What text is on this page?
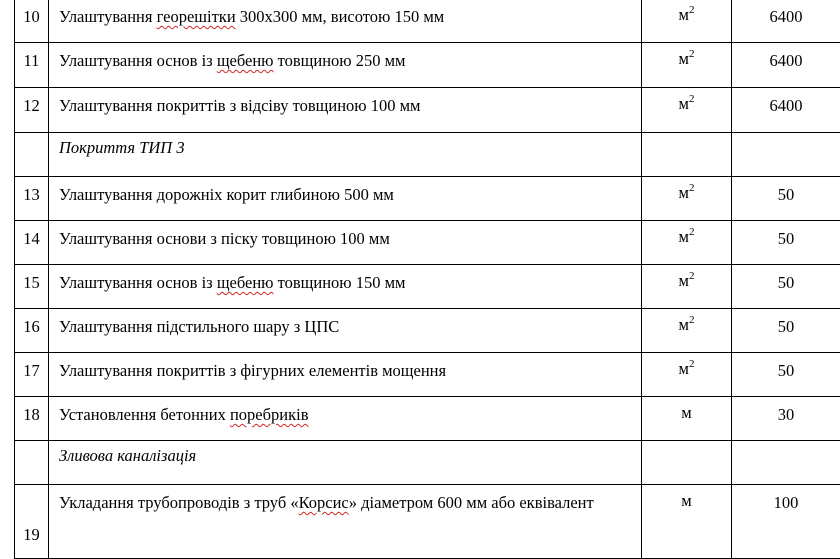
10	Улаштування георешітки 300х300 мм, висотою 150 мм	$м^2$	6400
11	Улаштування основ із щебеню товщиною 250 мм	$м^2$	6400
12	Улаштування покриттів з відсіву товщиною 100 мм	$м^2$	6400
	Покриття ТИП 3		
13	Улаштування дорожніх корит глибиною 500 мм	$м^2$	50
14	Улаштування основи з піску товщиною 100 мм	$м^2$	50
15	Улаштування основ із щебеню товщиною 150 мм	$м^2$	50
16	Улаштування підстильного шару з ЦПС	$м^2$	50
17	Улаштування покриттів з фігурних елементів мощення	$м^2$	50
18	Установлення бетонних поребриків	м	30
	Зливова каналізація		
19	Укладання трубопроводів з труб «Корсис» діаметром 600 мм або еквівалент	м	100
